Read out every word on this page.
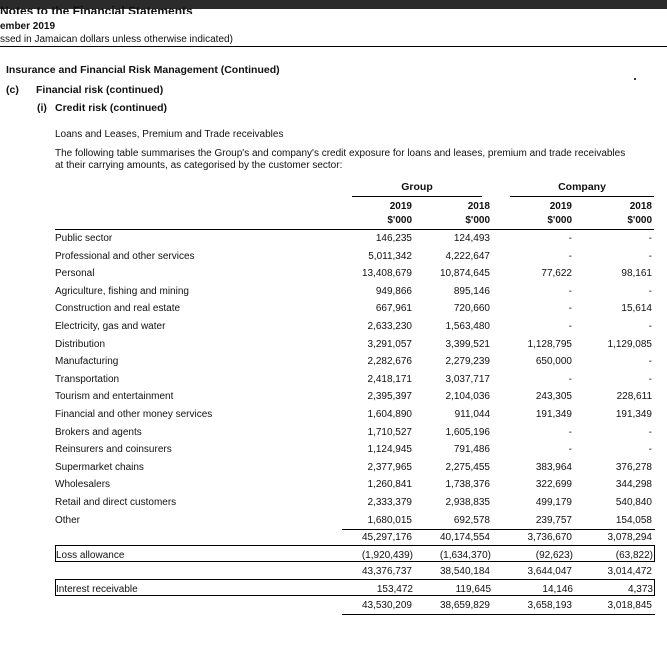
Notes to the Financial Statements
ember 2019
ssed in Jamaican dollars unless otherwise indicated)
Insurance and Financial Risk Management (Continued)
(c) Financial risk (continued)
(i) Credit risk (continued)
Loans and Leases, Premium and Trade receivables
The following table summarises the Group's and company's credit exposure for loans and leases, premium and trade receivables
at their carrying amounts, as categorised by the customer sector:
Group	Company
2019	2018	2019	2018
$'000	$'000	$'000	$'000
Public sector	146,235	124,493	-	-
Professional and other services	5,011,342	4,222,647	-	-
Personal	13,408,679	10,874,645	77,622	98,161
Agriculture, fishing and mining	949,866	895,146	-	-
Construction and real estate	667,961	720,660	-	15,614
Electricity, gas and water	2,633,230	1,563,480	-	-
Distribution	3,291,057	3,399,521	1,128,795	1,129,085
Manufacturing	2,282,676	2,279,239	650,000	-
Transportation	2,418,171	3,037,717	-	-
Tourism and entertainment	2,395,397	2,104,036	243,305	228,611
Financial and other money services	1,604,890	911,044	191,349	191,349
Brokers and agents	1,710,527	1,605,196	-	-
Reinsurers and coinsurers	1,124,945	791,486	-	-
Supermarket chains	2,377,965	2,275,455	383,964	376,278
Wholesalers	1,260,841	1,738,376	322,699	344,298
Retail and direct customers	2,333,379	2,938,835	499,179	540,840
Other	1,680,015	692,578	239,757	154,058
45,297,176	40,174,554	3,736,670	3,078,294
Loss allowance	(1,920,439)	(1,634,370)	(92,623)	(63,822)
43,376,737	38,540,184	3,644,047	3,014,472
Interest receivable	153,472	119,645	14,146	4,373
43,530,209	38,659,829	3,658,193	3,018,845
